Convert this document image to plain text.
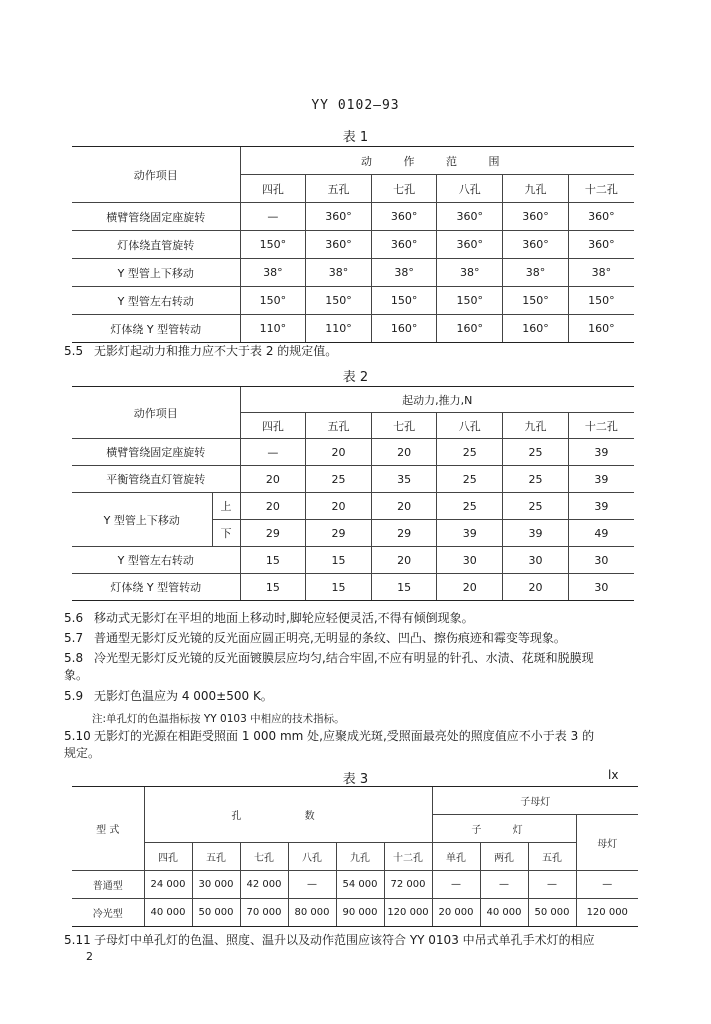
YY 0102—93
表 1
动作项目	动 作 范 围					
	四孔	五孔	七孔	八孔	九孔	十二孔
横臂管绕固定座旋转	—	360°	360°	360°	360°	360°
灯体绕直管旋转	150°	360°	360°	360°	360°	360°
Y 型管上下移动	38°	38°	38°	38°	38°	38°
Y 型管左右转动	150°	150°	150°	150°	150°	150°
灯体绕 Y 型管转动	110°	110°	160°	160°	160°	160°
5.5 无影灯起动力和推力应不大于表 2 的规定值。
表 2
动作项目		起动力,推力,N					
		四孔	五孔	七孔	八孔	九孔	十二孔
横臂管绕固定座旋转		—	20	20	25	25	39
平衡管绕直灯管旋转		20	25	35	25	25	39
Y 型管上下移动	上	20	20	20	25	25	39
	下	29	29	29	39	39	49
Y 型管左右转动		15	15	20	30	30	30
灯体绕 Y 型管转动		15	15	15	20	20	30
5.6 移动式无影灯在平坦的地面上移动时,脚轮应轻便灵活,不得有倾倒现象。
5.7 普通型无影灯反光镜的反光面应圆正明亮,无明显的条纹、凹凸、擦伤痕迹和霉变等现象。
5.8 冷光型无影灯反光镜的反光面镀膜层应均匀,结合牢固,不应有明显的针孔、水渍、花斑和脱膜现
象。
5.9 无影灯色温应为 4 000±500 K。
注:单孔灯的色温指标按 YY 0103 中相应的技术指标。
5.10 无影灯的光源在相距受照面 1 000 mm 处,应聚成光斑,受照面最亮处的照度值应不小于表 3 的
规定。
表 3	lx
型 式	孔 数						子母灯			
							子 灯			母灯
	四孔	五孔	七孔	八孔	九孔	十二孔	单孔	两孔	五孔	
普通型	24 000	30 000	42 000	—	54 000	72 000	—	—	—	—
冷光型	40 000	50 000	70 000	80 000	90 000	120 000	20 000	40 000	50 000	120 000
5.11 子母灯中单孔灯的色温、照度、温升以及动作范围应该符合 YY 0103 中吊式单孔手术灯的相应
2
